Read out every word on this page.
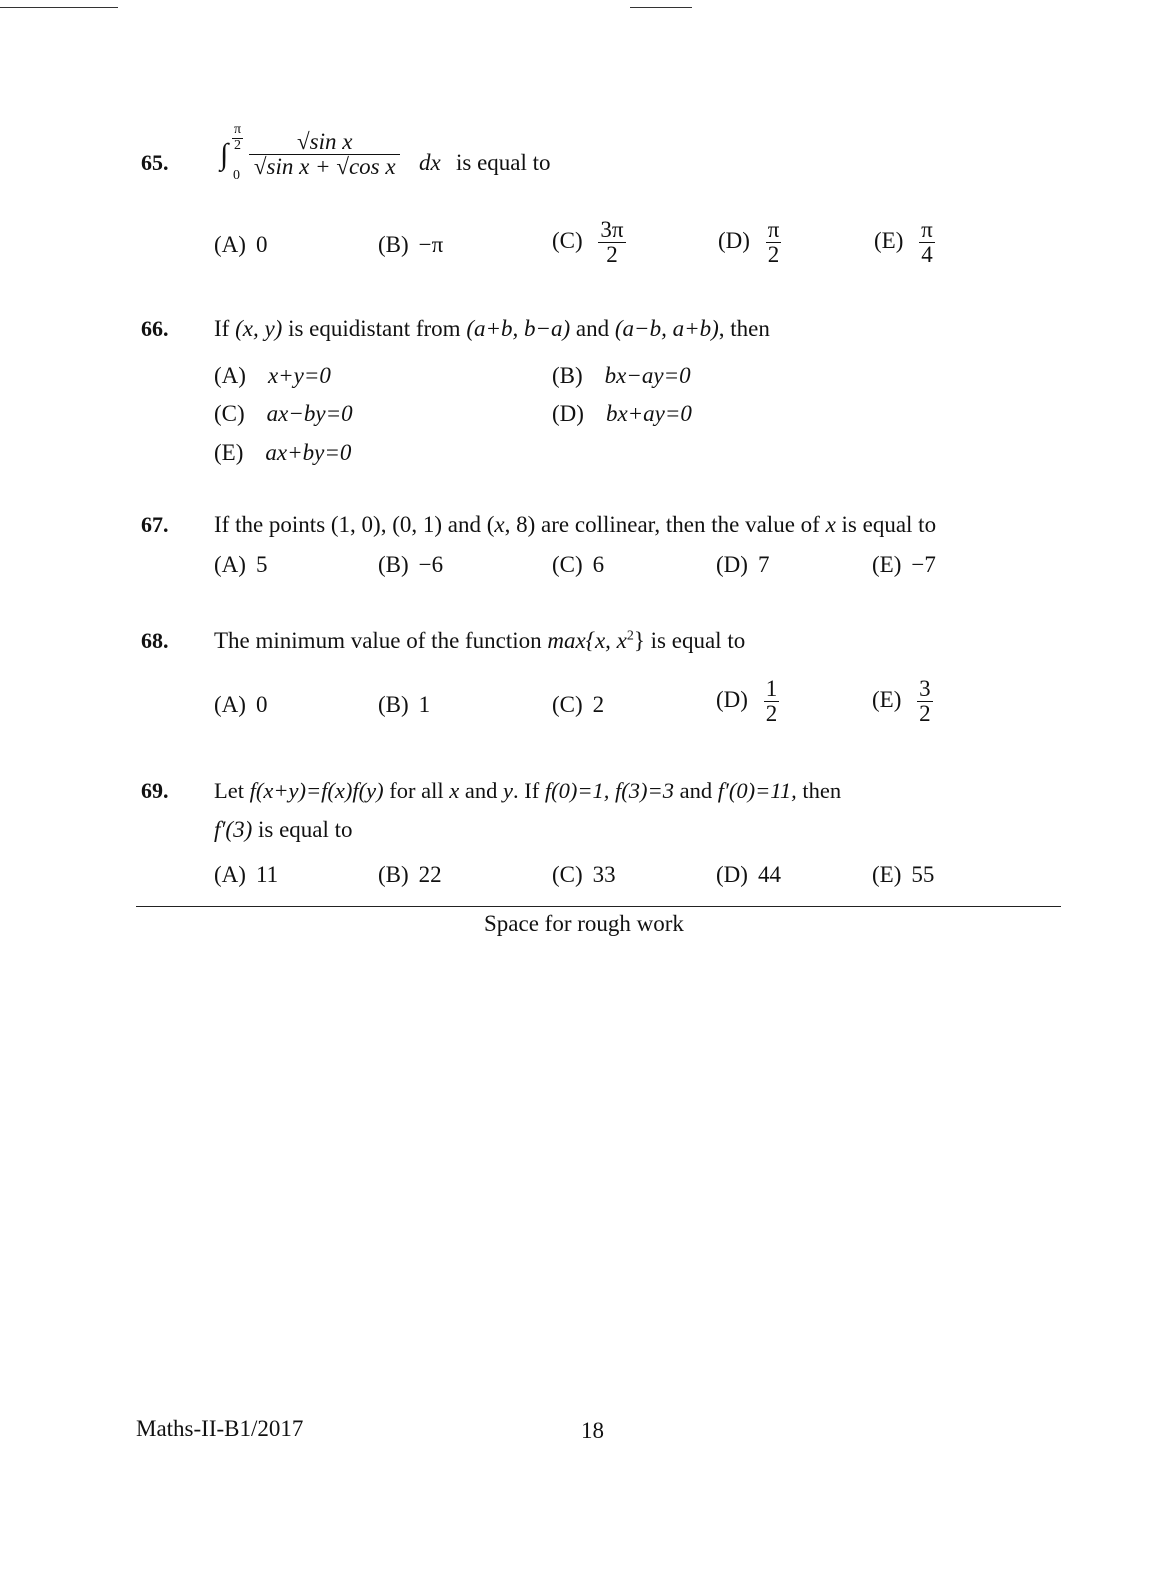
65. ∫ $\frac{\pi}{2}$
$0 \frac{\text{√sin x}}{\text{√sin x + √cos x}}$ dx is equal to
(A) 0	(B) −π	$(C) \frac{3\pi}{2}$	$(D) \frac{\pi}{2}$	$(E) \frac{\pi}{4}$
66. If (x, y) is equidistant from (a+b, b−a) and (a−b, a+b), then
(A) x+y=0	(B) bx−ay=0
(C) ax−by=0	(D) bx+ay=0
(E) ax+by=0
67. If the points (1, 0), (0, 1) and (x, 8) are collinear, then the value of x is equal to
(A) 5	(B) −6	(C) 6	(D) 7	(E) −7
68. The minimum value of the function max{x, $x^2$} is equal to
(A) 0	(B) 1	(C) 2	$(D) \frac{1}{2}$	$(E) \frac{3}{2}$
69. Let f(x+y)=f(x)f(y) for all x and y. If f(0)=1, f(3)=3 and f′(0)=11, then
f′(3) is equal to
(A) 11	(B) 22	(C) 33	(D) 44	(E) 55
Space for rough work
Maths-II-B1/2017	18
